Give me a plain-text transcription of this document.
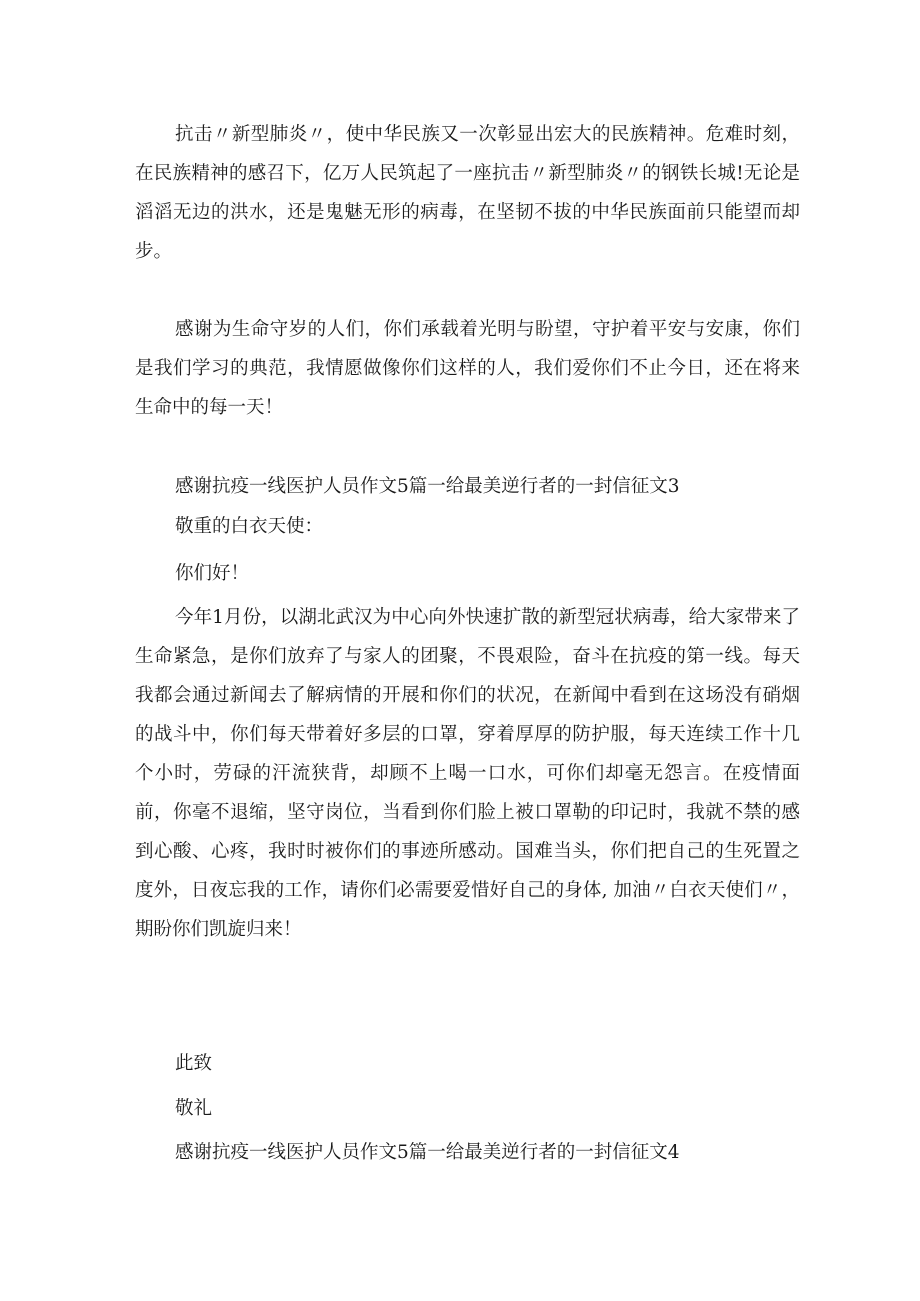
抗击〃新型肺炎〃，使中华民族又一次彰显出宏大的民族精神。危难时刻，在民族精神的感召下，亿万人民筑起了一座抗击〃新型肺炎〃的钢铁长城!无论是滔滔无边的洪水，还是鬼魅无形的病毒，在坚韧不拔的中华民族面前只能望而却步。

感谢为生命守岁的人们，你们承载着光明与盼望，守护着平安与安康，你们是我们学习的典范，我情愿做像你们这样的人，我们爱你们不止今日，还在将来生命中的每一天！

感谢抗疫一线医护人员作文5篇一给最美逆行者的一封信征文3

敬重的白衣天使：

你们好！

今年1月份，以湖北武汉为中心向外快速扩散的新型冠状病毒，给大家带来了生命紧急，是你们放弃了与家人的团聚，不畏艰险，奋斗在抗疫的第一线。每天我都会通过新闻去了解病情的开展和你们的状况，在新闻中看到在这场没有硝烟的战斗中，你们每天带着好多层的口罩，穿着厚厚的防护服，每天连续工作十几个小时，劳碌的汗流狭背，却顾不上喝一口水，可你们却毫无怨言。在疫情面前，你毫不退缩，坚守岗位，当看到你们脸上被口罩勒的印记时，我就不禁的感到心酸、心疼，我时时被你们的事迹所感动。国难当头，你们把自己的生死置之度外，日夜忘我的工作，请你们必需要爱惜好自己的身体, 加油〃白衣天使们〃，期盼你们凯旋归来！

此致

敬礼

感谢抗疫一线医护人员作文5篇一给最美逆行者的一封信征文4
